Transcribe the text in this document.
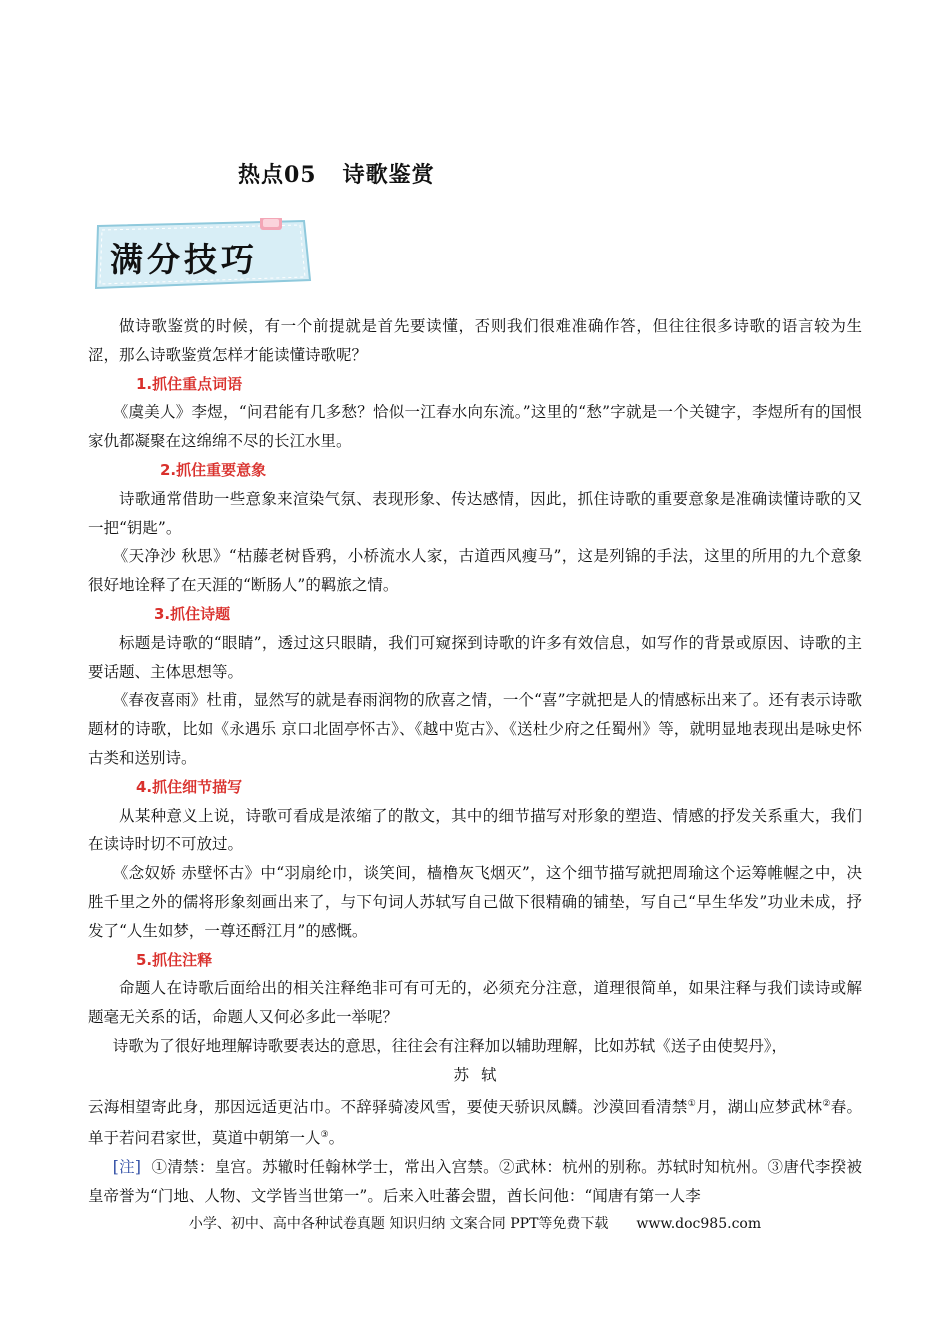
热点05 诗歌鉴赏
满分技巧

做诗歌鉴赏的时候，有一个前提就是首先要读懂，否则我们很难准确作答，但往往很多诗歌的语言较为生涩，那么诗歌鉴赏怎样才能读懂诗歌呢？

1.抓住重点词语

《虞美人》李煜，“问君能有几多愁？恰似一江春水向东流。”这里的“愁”字就是一个关键字，李煜所有的国恨家仇都凝聚在这绵绵不尽的长江水里。

2.抓住重要意象

诗歌通常借助一些意象来渲染气氛、表现形象、传达感情，因此，抓住诗歌的重要意象是准确读懂诗歌的又一把“钥匙”。

《天净沙 秋思》“枯藤老树昏鸦，小桥流水人家，古道西风瘦马”，这是列锦的手法，这里的所用的九个意象很好地诠释了在天涯的“断肠人”的羁旅之情。

3.抓住诗题

标题是诗歌的“眼睛”，透过这只眼睛，我们可窥探到诗歌的许多有效信息，如写作的背景或原因、诗歌的主要话题、主体思想等。

《春夜喜雨》杜甫，显然写的就是春雨润物的欣喜之情，一个“喜”字就把是人的情感标出来了。还有表示诗歌题材的诗歌，比如《永遇乐 京口北固亭怀古》、《越中览古》、《送杜少府之任蜀州》等，就明显地表现出是咏史怀古类和送别诗。

4.抓住细节描写

从某种意义上说，诗歌可看成是浓缩了的散文，其中的细节描写对形象的塑造、情感的抒发关系重大，我们在读诗时切不可放过。

《念奴娇 赤壁怀古》中“羽扇纶巾，谈笑间，樯橹灰飞烟灭”，这个细节描写就把周瑜这个运筹帷幄之中，决胜千里之外的儒将形象刻画出来了，与下句词人苏轼写自己做下很精确的铺垫，写自己“早生华发”功业未成，抒发了“人生如梦，一尊还酹江月”的感慨。

5.抓住注释

命题人在诗歌后面给出的相关注释绝非可有可无的，必须充分注意，道理很简单，如果注释与我们读诗或解题毫无关系的话，命题人又何必多此一举呢？

诗歌为了很好地理解诗歌要表达的意思，往往会有注释加以辅助理解，比如苏轼《送子由使契丹》，

苏轼

云海相望寄此身，那因远适更沾巾。不辞驿骑凌风雪，要使天骄识凤麟。沙漠回看清禁①月，湖山应梦武林②春。单于若问君家世，莫道中朝第一人③。

[注] ①清禁：皇宫。苏辙时任翰林学士，常出入宫禁。②武林：杭州的别称。苏轼时知杭州。③唐代李揆被皇帝誉为“门地、人物、文学皆当世第一”。后来入吐蕃会盟，酋长问他：“闻唐有第一人李

小学、初中、高中各种试卷真题 知识归纳 文案合同 PPT等免费下载 www.doc985.com
